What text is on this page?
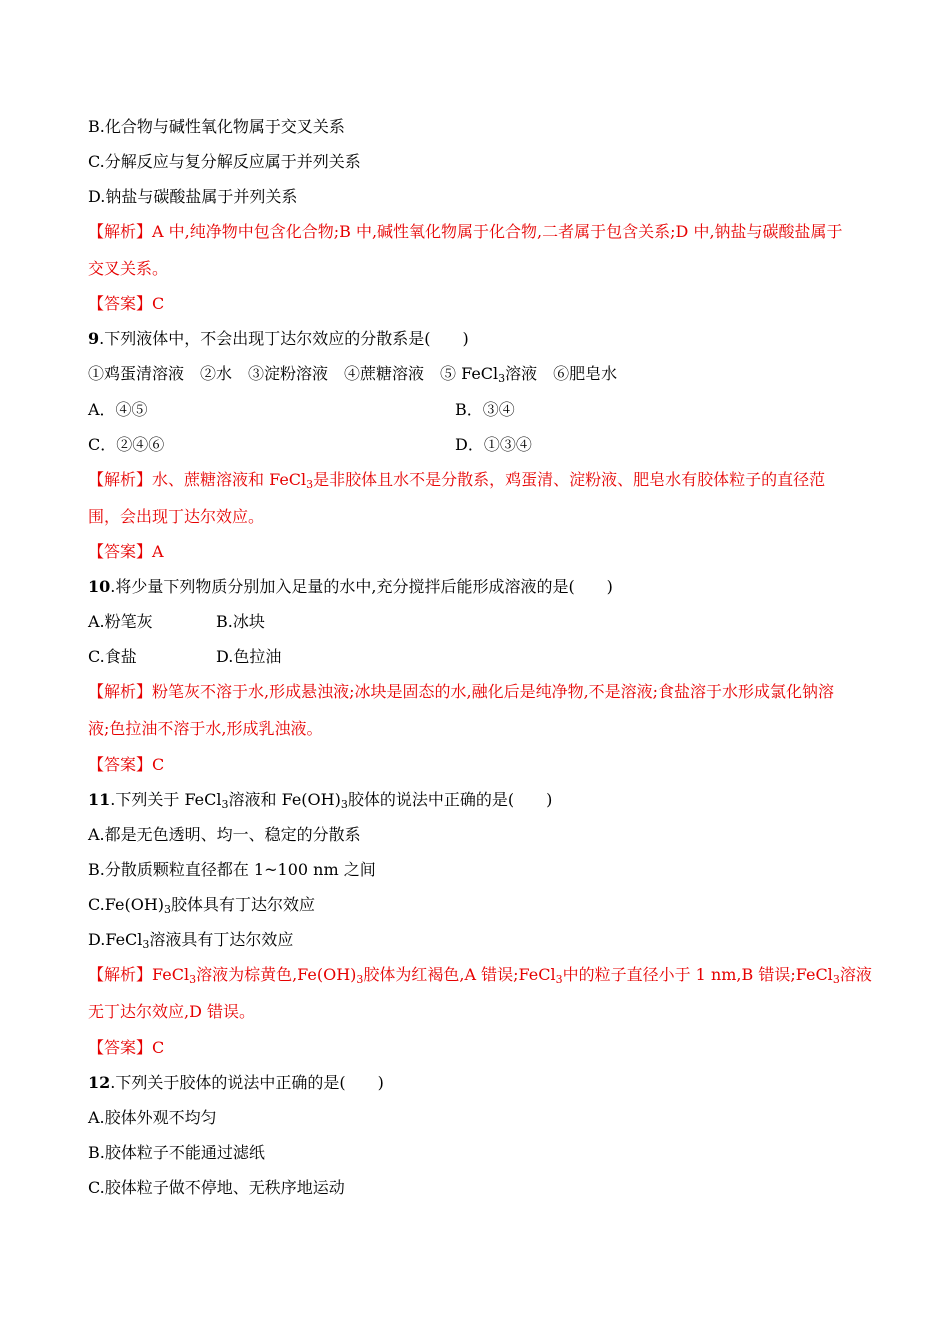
B.化合物与碱性氧化物属于交叉关系
C.分解反应与复分解反应属于并列关系
D.钠盐与碳酸盐属于并列关系
【解析】A 中,纯净物中包含化合物;B 中,碱性氧化物属于化合物,二者属于包含关系;D 中,钠盐与碳酸盐属于
交叉关系。
【答案】C
9.下列液体中，不会出现丁达尔效应的分散系是(　　)
①鸡蛋清溶液　②水　③淀粉溶液　④蔗糖溶液　⑤ FeCl$_3$溶液　⑥肥皂水
A．④⑤	B．③④
C．②④⑥	D．①③④
【解析】水、蔗糖溶液和 FeCl$_3$是非胶体且水不是分散系，鸡蛋清、淀粉液、肥皂水有胶体粒子的直径范
围，会出现丁达尔效应。
【答案】A
10.将少量下列物质分别加入足量的水中,充分搅拌后能形成溶液的是(　　)
A.粉笔灰	B.冰块
C.食盐	D.色拉油
【解析】粉笔灰不溶于水,形成悬浊液;冰块是固态的水,融化后是纯净物,不是溶液;食盐溶于水形成氯化钠溶
液;色拉油不溶于水,形成乳浊液。
【答案】C
11.下列关于 FeCl$_3$溶液和 $Fe(OH)_3$胶体的说法中正确的是(　　)
A.都是无色透明、均一、稳定的分散系
B.分散质颗粒直径都在 1~100 nm 之间
$C.Fe(OH)_3$胶体具有丁达尔效应
D.FeCl$_3$溶液具有丁达尔效应
【解析】FeCl$_3$溶液为棕黄色$,Fe(OH)_3$胶体为红褐色,A 错误;FeCl$_3$中的粒子直径小于 1 nm,B 错误;FeCl$_3$溶液
无丁达尔效应,D 错误。
【答案】C
12.下列关于胶体的说法中正确的是(　　)
A.胶体外观不均匀
B.胶体粒子不能通过滤纸
C.胶体粒子做不停地、无秩序地运动
